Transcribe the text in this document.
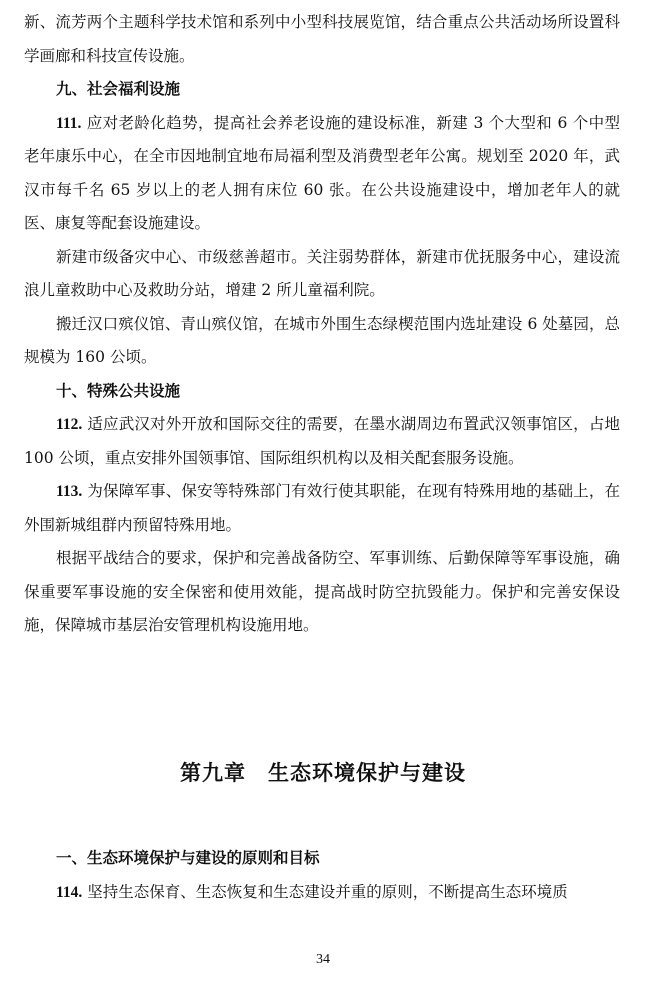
新、流芳两个主题科学技术馆和系列中小型科技展览馆，结合重点公共活动场所设置科学画廊和科技宣传设施。

九、社会福利设施

111. 应对老龄化趋势，提高社会养老设施的建设标准，新建 3 个大型和 6 个中型老年康乐中心，在全市因地制宜地布局福利型及消费型老年公寓。规划至 2020 年，武汉市每千名 65 岁以上的老人拥有床位 60 张。在公共设施建设中，增加老年人的就医、康复等配套设施建设。

新建市级备灾中心、市级慈善超市。关注弱势群体，新建市优抚服务中心，建设流浪儿童救助中心及救助分站，增建 2 所儿童福利院。

搬迁汉口殡仪馆、青山殡仪馆，在城市外围生态绿楔范围内选址建设 6 处墓园，总规模为 160 公顷。

十、特殊公共设施

112. 适应武汉对外开放和国际交往的需要，在墨水湖周边布置武汉领事馆区，占地 100 公顷，重点安排外国领事馆、国际组织机构以及相关配套服务设施。

113. 为保障军事、保安等特殊部门有效行使其职能，在现有特殊用地的基础上，在外围新城组群内预留特殊用地。

根据平战结合的要求，保护和完善战备防空、军事训练、后勤保障等军事设施，确保重要军事设施的安全保密和使用效能，提高战时防空抗毁能力。保护和完善安保设施，保障城市基层治安管理机构设施用地。

第九章　生态环境保护与建设

一、生态环境保护与建设的原则和目标

114. 坚持生态保育、生态恢复和生态建设并重的原则，不断提高生态环境质

34
